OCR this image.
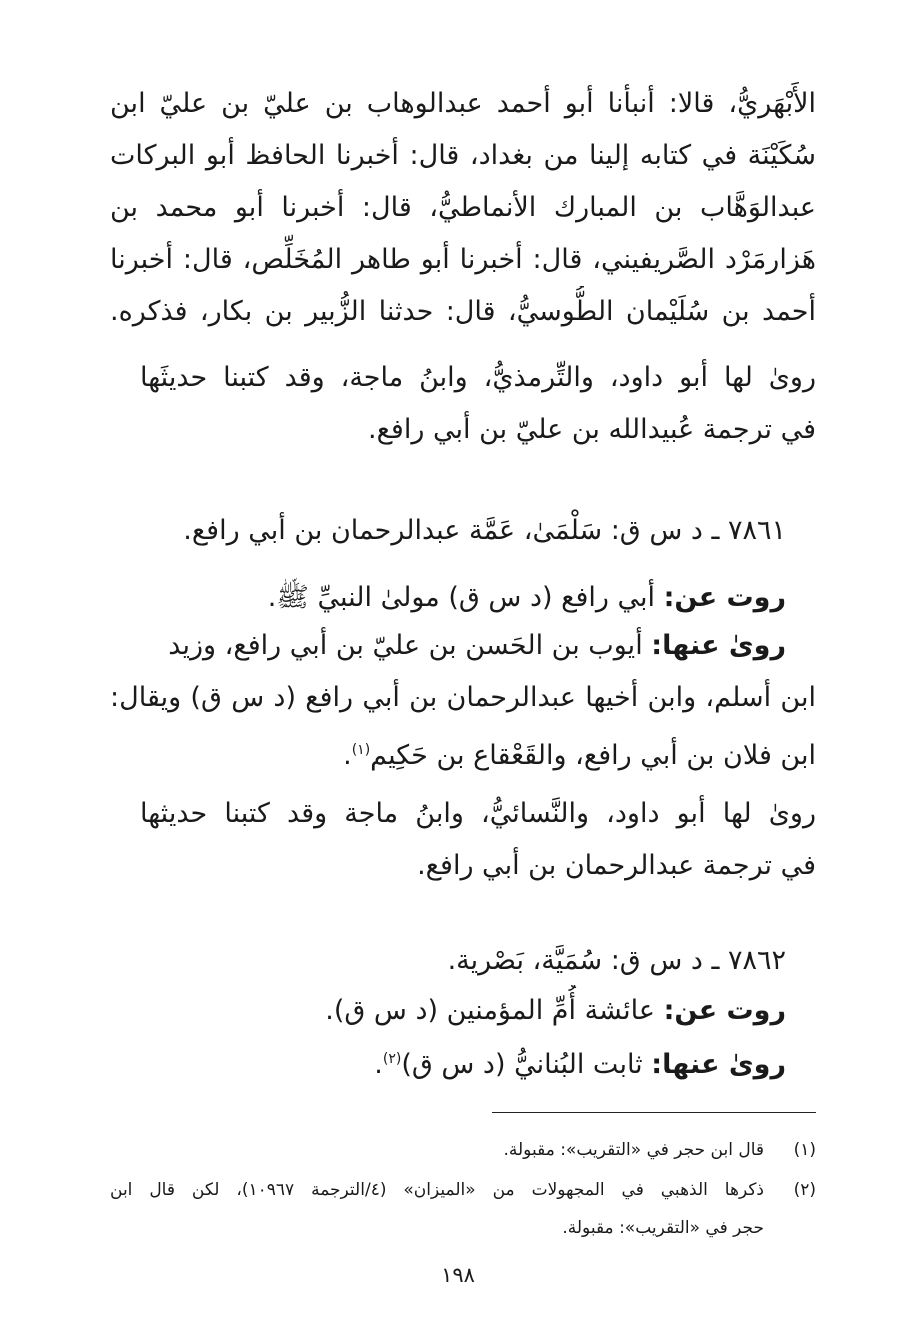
الأَبْهَريُّ، قالا: أنبأنا أبو أحمد عبدالوهاب بن عليّ بن عليّ ابن
سُكَيْنَة في كتابه إلينا من بغداد، قال: أخبرنا الحافظ أبو البركات
عبدالوَهَّاب بن المبارك الأنماطيُّ، قال: أخبرنا أبو محمد بن
هَزارمَرْد الصَّريفيني، قال: أخبرنا أبو طاهر المُخَلِّص، قال: أخبرنا
أحمد بن سُلَيْمان الطُّوسيُّ، قال: حدثنا الزُّبير بن بكار، فذكره.
رویٰ لها أبو داود، والتِّرمذيُّ، وابنُ ماجة، وقد كتبنا حديثَها
في ترجمة عُبيدالله بن عليّ بن أبي رافع.
٧٨٦١ ـ د س ق: سَلْمَىٰ، عَمَّة عبدالرحمان بن أبي رافع.
روت عن: أبي رافع (د س ق) مولىٰ النبيِّ ﷺ.
روىٰ عنها: أيوب بن الحَسن بن عليّ بن أبي رافع، وزيد
ابن أسلم، وابن أخيها عبدالرحمان بن أبي رافع (د س ق) ويقال:
ابن فلان بن أبي رافع، والقَعْقاع بن حَكِيم$^{(١)}$.
رویٰ لها أبو داود، والنَّسائيُّ، وابنُ ماجة وقد كتبنا حديثها
في ترجمة عبدالرحمان بن أبي رافع.
٧٨٦٢ ـ د س ق: سُمَيَّة، بَصْرية.
روت عن: عائشة أُمِّ المؤمنين (د س ق).
روىٰ عنها: ثابت البُنانيُّ (د س ق)$^{(٢)}$.
(١)
قال ابن حجر في «التقريب»: مقبولة.
(٢)
ذكرها الذهبي في المجهولات من «الميزان» (٤/الترجمة ١٠٩٦٧)، لكن قال ابن
حجر في «التقريب»: مقبولة.
١٩٨
